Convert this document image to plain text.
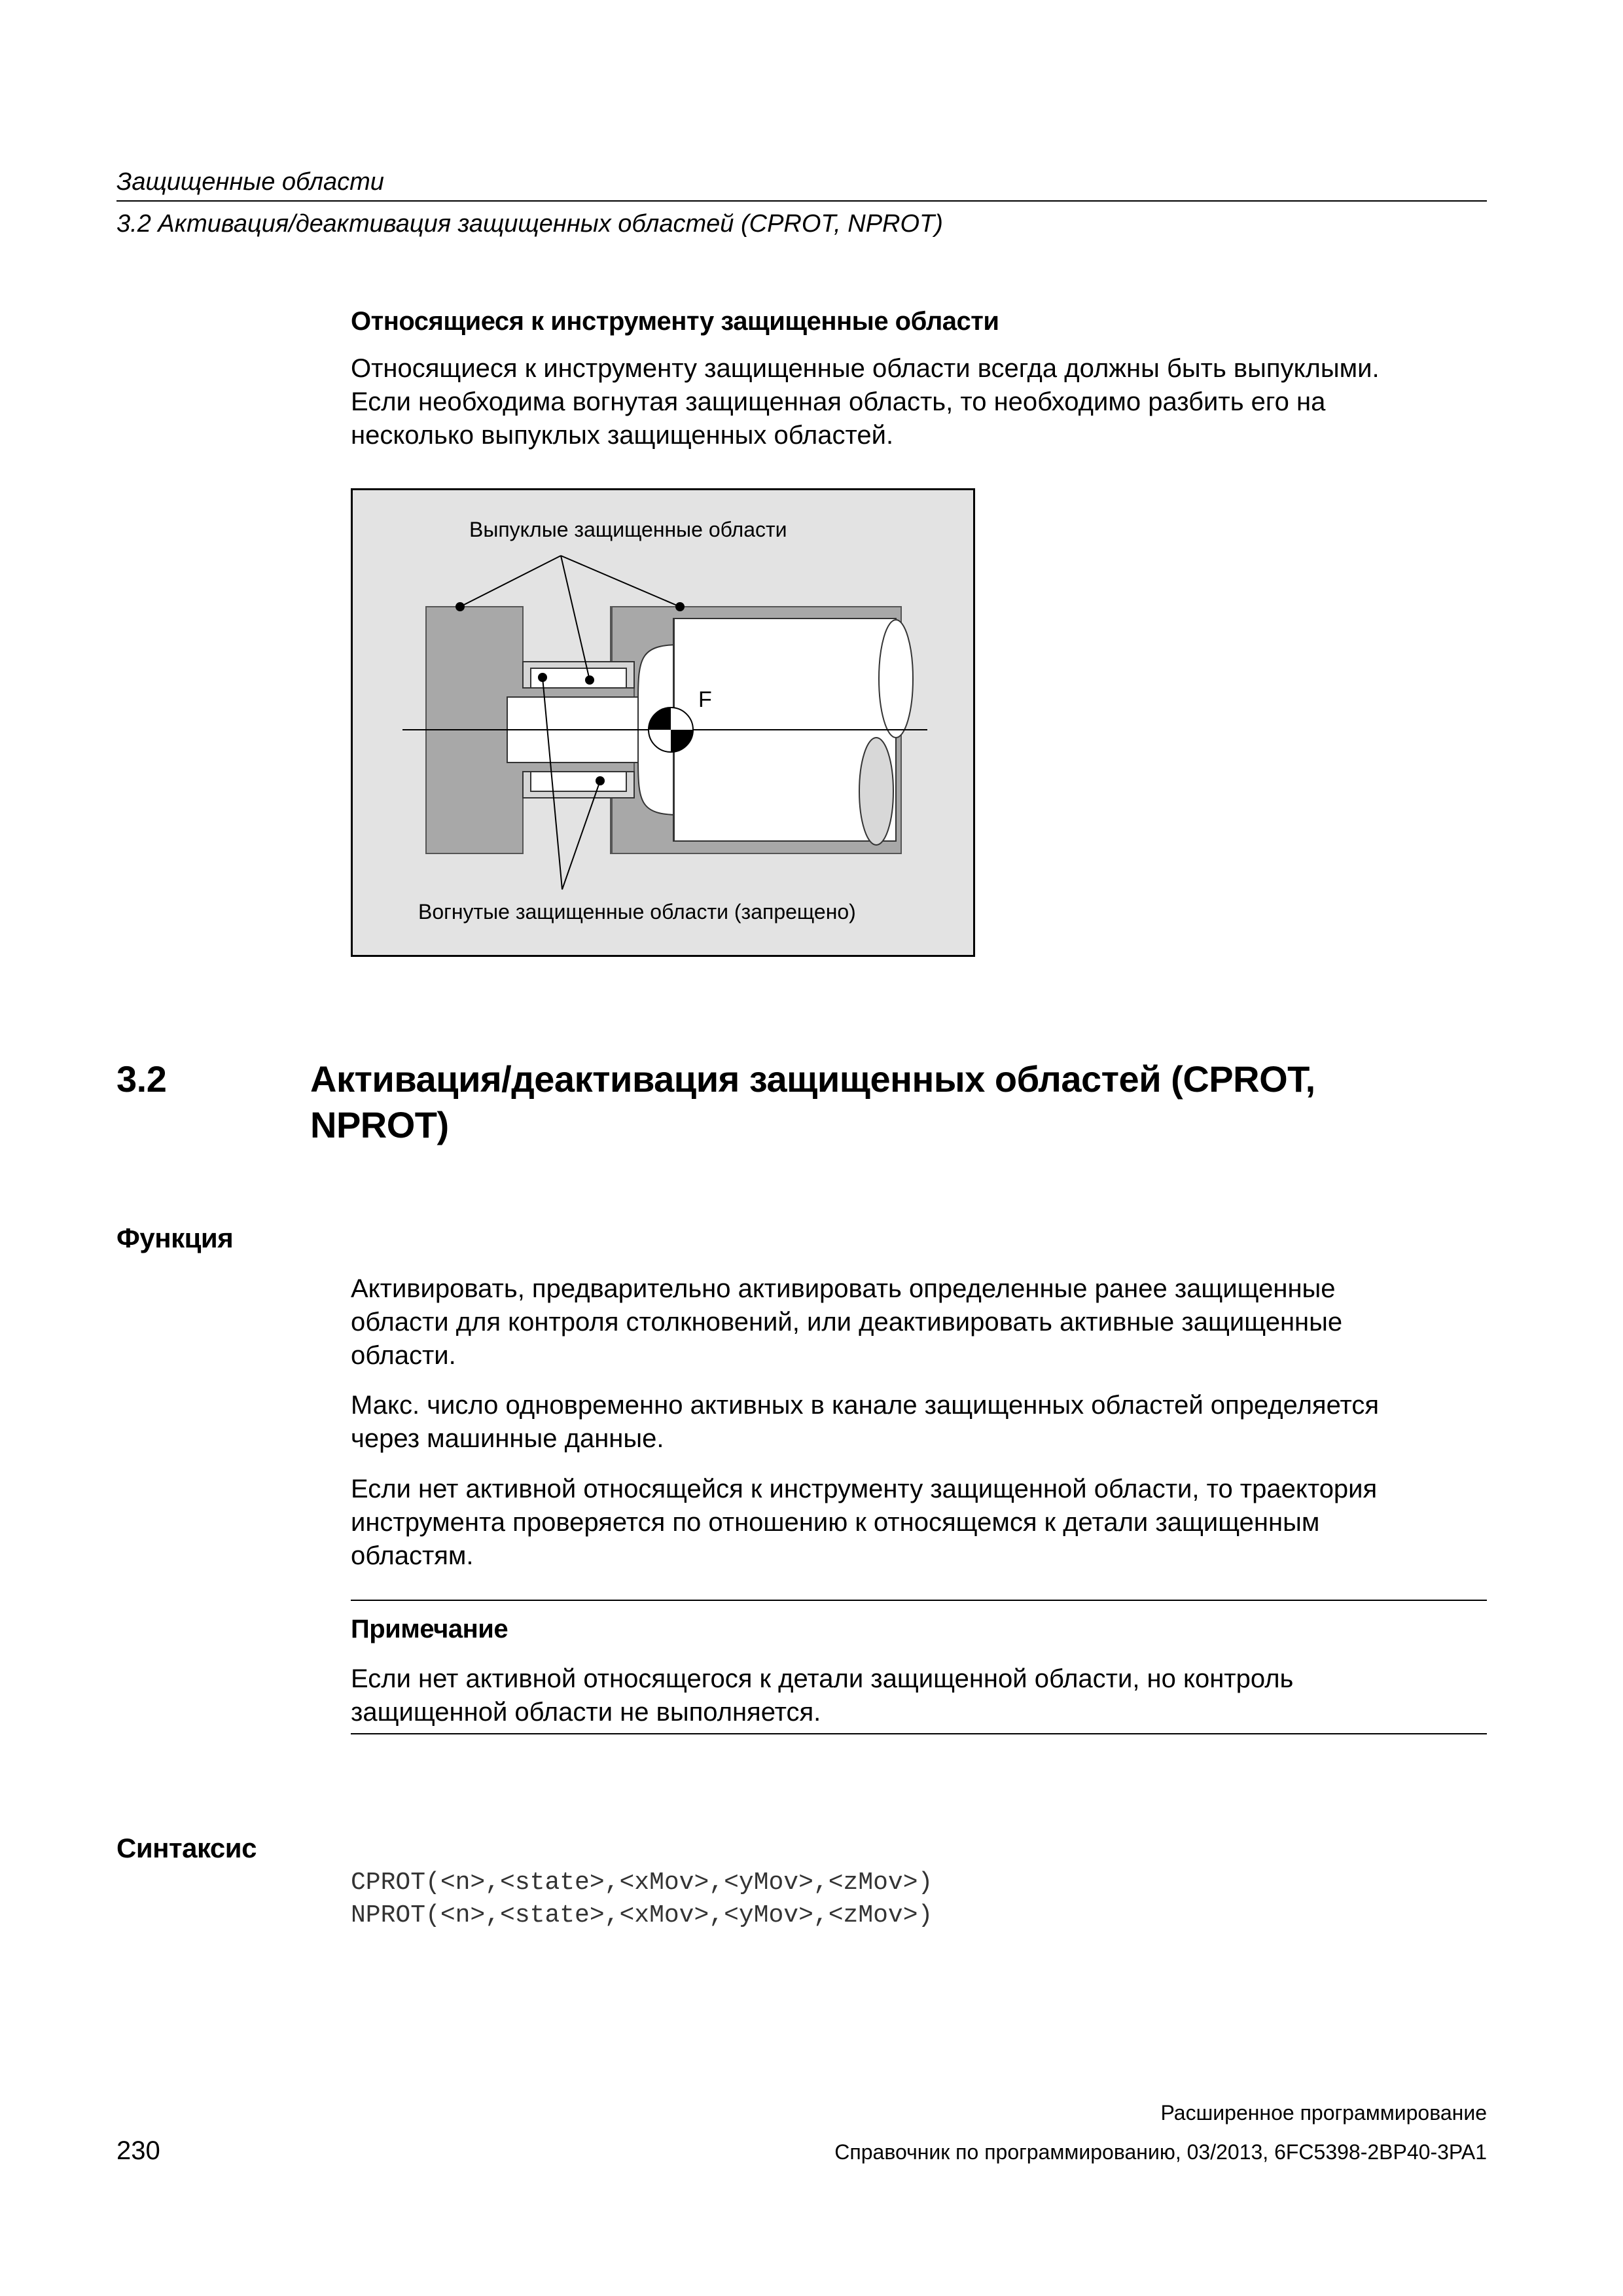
Защищенные области
3.2 Активация/деактивация защищенных областей (CPROT, NPROT)
Относящиеся к инструменту защищенные области
Относящиеся к инструменту защищенные области всегда должны быть выпуклыми.
Если необходима вогнутая защищенная область, то необходимо разбить его на
несколько выпуклых защищенных областей.
Выпуклые защищенные области
F
Вогнутые защищенные области (запрещено)
3.2	Активация/деактивация защищенных областей (CPROT,
NPROT)
Функция
Активировать, предварительно активировать определенные ранее защищенные
области для контроля столкновений, или деактивировать активные защищенные
области.
Макс. число одновременно активных в канале защищенных областей определяется
через машинные данные.
Если нет активной относящейся к инструменту защищенной области, то траектория
инструмента проверяется по отношению к относящемся к детали защищенным
областям.
Примечание
Если нет активной относящегося к детали защищенной области, но контроль
защищенной области не выполняется.
Синтаксис
CPROT(<n>,<state>,<xMov>,<yMov>,<zMov>)
NPROT(<n>,<state>,<xMov>,<yMov>,<zMov>)
Расширенное программирование
230	Справочник по программированию, 03/2013, 6FC5398-2BP40-3PA1
